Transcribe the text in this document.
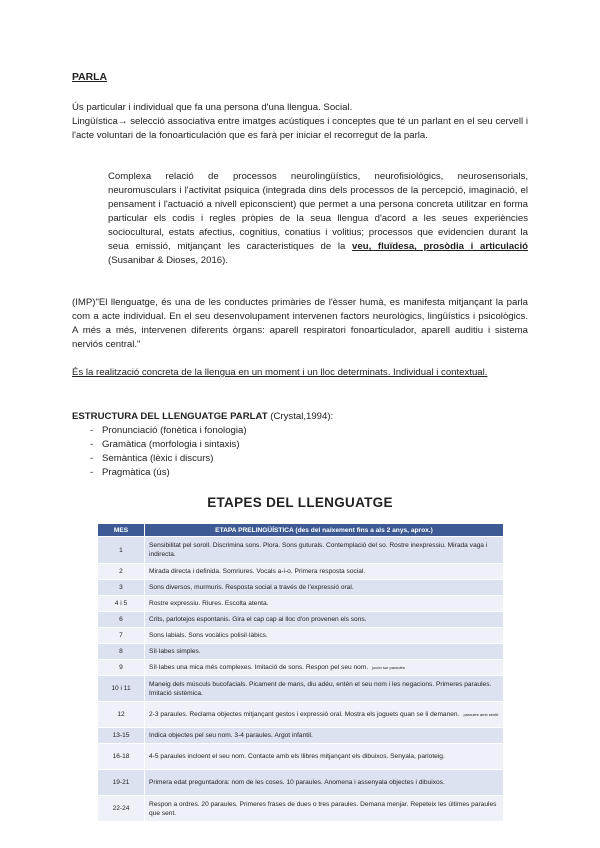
PARLA

Ús particular i individual que fa una persona d'una llengua. Social.

Lingüística→ selecció associativa entre imatges acústiques i conceptes que té un parlant en el seu cervell i l'acte voluntari de la fonoarticulación que es farà per iniciar el recorregut de la parla.

Complexa relació de processos neurolingüístics, neurofisiològics, neurosensorials, neuromusculars i l'activitat psiquica (integrada dins dels processos de la percepció, imaginació, el pensament i l'actuació a nivell epiconscient) que permet a una persona concreta utilitzar en forma particular els codis i regles pròpies de la seua llengua d'acord a les seues experiències sociocultural, estats afectius, cognitius, conatius i volitius; processos que evidencien durant la seua emissió, mitjançant les caracteristiques de la veu, fluïdesa, prosòdia i articulació (Susanibar & Dioses, 2016).

(IMP)"El llenguatge, és una de les conductes primàries de l'èsser humà, es manifesta mitjançant la parla com a acte individual. En el seu desenvolupament intervenen factors neurològics, lingüístics i psicològics. A més a més, intervenen diferents òrgans: aparell respiratori fonoarticulador, aparell auditiu i sistema nerviós central."

És la realització concreta de la llengua en un moment i un lloc determinats. Individual i contextual.

ESTRUCTURA DEL LLENGUATGE PARLAT (Crystal,1994):

- Pronunciació (fonètica i fonologia)
- Gramàtica (morfologia i sintaxis)
- Semàntica (lèxic i discurs)
- Pragmàtica (ús)
ETAPES DEL LLENGUATGE
MES	ETAPA PRELINGÜÍSTICA (des del naixement fins a als 2 anys, aprox.)
1	Sensibilitat pel soroll. Discrimina sons. Plora. Sons guturals. Contemplació del so. Rostre inexpressiu. Mirada vaga i indirecta.
2	Mirada directa i definida. Somriures. Vocals a-i-o. Primera resposta social.
3	Sons diversos, murmuris. Resposta social a través de l'expressió oral.
4 i 5	Rostre expressiu. Riures. Escolta atenta.
6	Crits, parlotejos espontanis. Gira el cap cap al lloc d'on provenen els sons.
7	Sons labials. Sons vocàlics polisil·làbics.
8	Síl·labes simples.
9	Síl·labes una mica més complexes. Imitació de sons. Respon pel seu nom. jocón sur paraules
10 i 11	Maneig dels músculs bucofacials. Picament de mans, diu adéu, entén el seu nom i les negacions. Primeres paraules. Imitació sistèmica.
12	2-3 paraules. Reclama objectes mitjançant gestos i expressió oral. Mostra els joguets quan se li demanen. paraules amb sentit
13-15	Indica objectes pel seu nom. 3-4 paraules. Argot infantil.
16-18	4-5 paraules incloent el seu nom. Contacte amb els llibres mitjançant els dibuixos. Senyala, parloteig.
19-21	Primera edat preguntadora: nom de les coses. 10 paraules. Anomena i assenyala objectes i dibuixos.
22-24	Respon a ordres. 20 paraules. Primeres frases de dues o tres paraules. Demana menjar. Repeteix les últimes paraules que sent.
